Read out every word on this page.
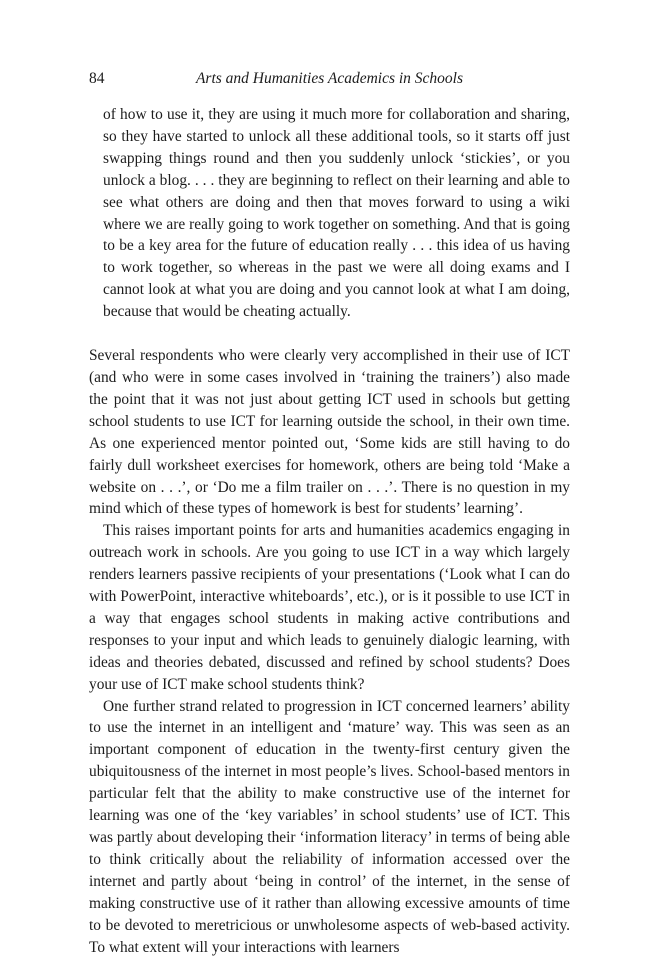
84	Arts and Humanities Academics in Schools

of how to use it, they are using it much more for collaboration and sharing, so they have started to unlock all these additional tools, so it starts off just swapping things round and then you suddenly unlock ‘stickies’, or you unlock a blog. . . . they are beginning to reflect on their learning and able to see what others are doing and then that moves forward to using a wiki where we are really going to work together on something. And that is going to be a key area for the future of education really . . . this idea of us having to work together, so whereas in the past we were all doing exams and I cannot look at what you are doing and you cannot look at what I am doing, because that would be cheating actually.

Several respondents who were clearly very accomplished in their use of ICT (and who were in some cases involved in ‘training the trainers’) also made the point that it was not just about getting ICT used in schools but getting school students to use ICT for learning outside the school, in their own time. As one experienced mentor pointed out, ‘Some kids are still having to do fairly dull worksheet exercises for homework, others are being told ‘Make a website on . . .’, or ‘Do me a film trailer on . . .’. There is no question in my mind which of these types of homework is best for students’ learning’.

This raises important points for arts and humanities academics engaging in outreach work in schools. Are you going to use ICT in a way which largely renders learners passive recipients of your presentations (‘Look what I can do with PowerPoint, interactive whiteboards’, etc.), or is it possible to use ICT in a way that engages school students in making active contributions and responses to your input and which leads to genuinely dialogic learning, with ideas and theories debated, discussed and refined by school students? Does your use of ICT make school students think?

One further strand related to progression in ICT concerned learners’ ability to use the internet in an intelligent and ‘mature’ way. This was seen as an important component of education in the twenty-first century given the ubiquitousness of the internet in most people’s lives. School-based mentors in particular felt that the ability to make constructive use of the internet for learning was one of the ‘key variables’ in school students’ use of ICT. This was partly about developing their ‘information literacy’ in terms of being able to think critically about the reliability of information accessed over the internet and partly about ‘being in control’ of the internet, in the sense of making constructive use of it rather than allowing excessive amounts of time to be devoted to meretricious or unwholesome aspects of web-based activity. To what extent will your interactions with learners
